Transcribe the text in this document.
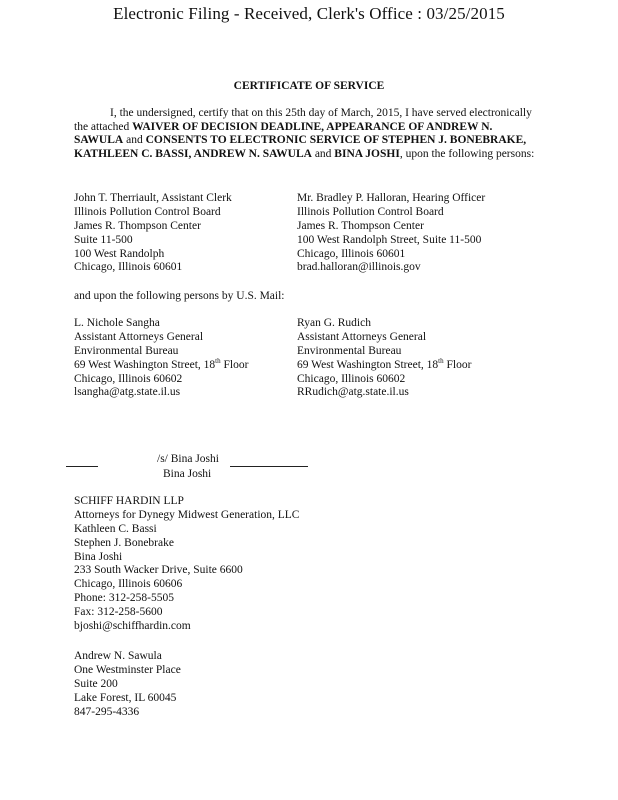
Electronic Filing - Received, Clerk's Office : 03/25/2015
CERTIFICATE OF SERVICE
I, the undersigned, certify that on this 25th day of March, 2015, I have served electronically the attached WAIVER OF DECISION DEADLINE, APPEARANCE OF ANDREW N. SAWULA and CONSENTS TO ELECTRONIC SERVICE OF STEPHEN J. BONEBRAKE, KATHLEEN C. BASSI, ANDREW N. SAWULA and BINA JOSHI, upon the following persons:
John T. Therriault, Assistant Clerk
Illinois Pollution Control Board
James R. Thompson Center
Suite 11-500
100 West Randolph
Chicago, Illinois 60601
Mr. Bradley P. Halloran, Hearing Officer
Illinois Pollution Control Board
James R. Thompson Center
100 West Randolph Street, Suite 11-500
Chicago, Illinois 60601
brad.halloran@illinois.gov
and upon the following persons by U.S. Mail:
L. Nichole Sangha
Assistant Attorneys General
Environmental Bureau
69 West Washington Street, 18th Floor
Chicago, Illinois 60602
lsangha@atg.state.il.us
Ryan G. Rudich
Assistant Attorneys General
Environmental Bureau
69 West Washington Street, 18th Floor
Chicago, Illinois 60602
RRudich@atg.state.il.us
/s/ Bina Joshi
Bina Joshi
SCHIFF HARDIN LLP
Attorneys for Dynegy Midwest Generation, LLC
Kathleen C. Bassi
Stephen J. Bonebrake
Bina Joshi
233 South Wacker Drive, Suite 6600
Chicago, Illinois 60606
Phone: 312-258-5505
Fax: 312-258-5600
bjoshi@schiffhardin.com
Andrew N. Sawula
One Westminster Place
Suite 200
Lake Forest, IL 60045
847-295-4336
